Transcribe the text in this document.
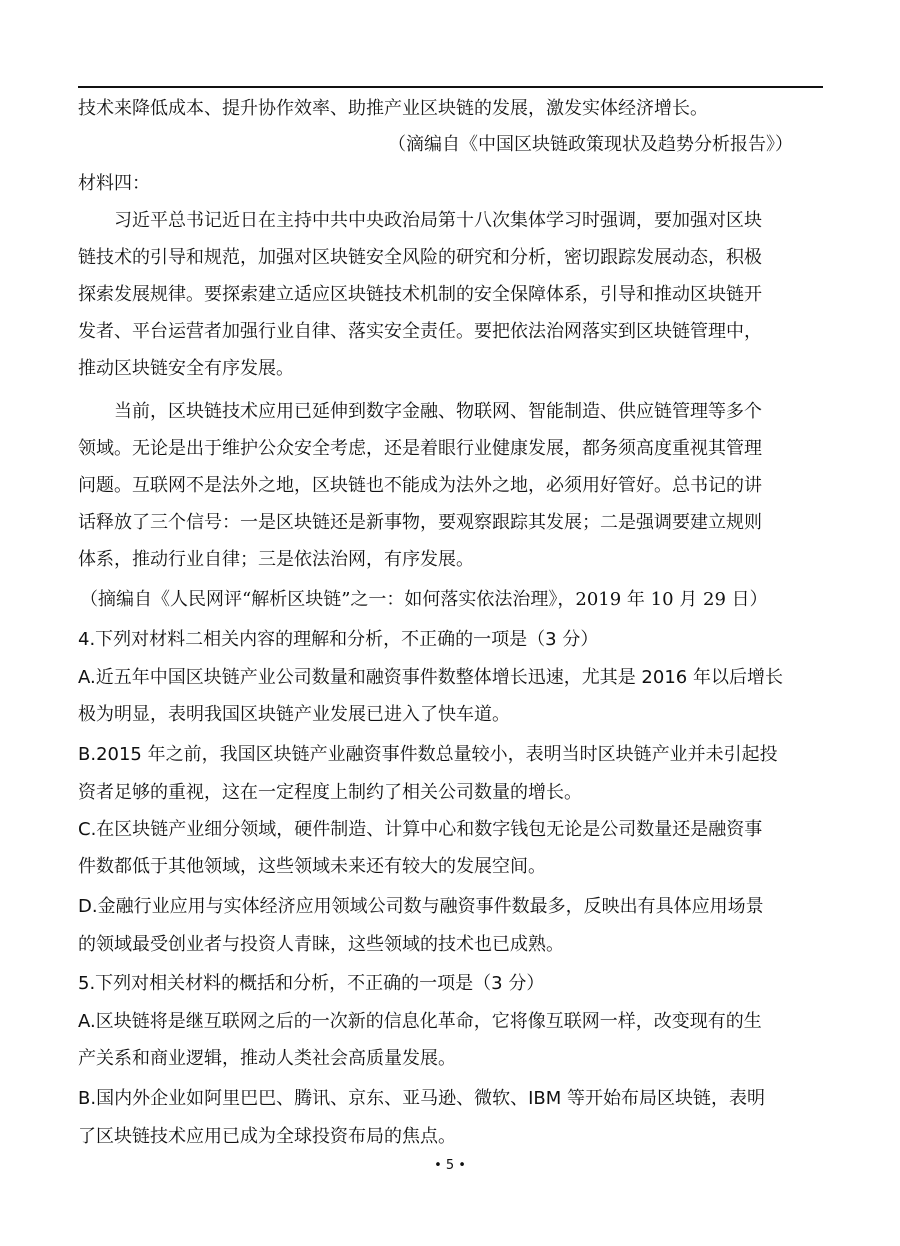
技术来降低成本、提升协作效率、助推产业区块链的发展，激发实体经济增长。
（滴编自《中国区块链政策现状及趋势分析报告》）
材料四：
习近平总书记近日在主持中共中央政治局第十八次集体学习时强调，要加强对区块
链技术的引导和规范，加强对区块链安全风险的研究和分析，密切跟踪发展动态，积极
探索发展规律。要探索建立适应区块链技术机制的安全保障体系，引导和推动区块链开
发者、平台运营者加强行业自律、落实安全责任。要把依法治网落实到区块链管理中，
推动区块链安全有序发展。
当前，区块链技术应用已延伸到数字金融、物联网、智能制造、供应链管理等多个
领域。无论是出于维护公众安全考虑，还是着眼行业健康发展，都务须高度重视其管理
问题。互联网不是法外之地，区块链也不能成为法外之地，必须用好管好。总书记的讲
话释放了三个信号：一是区块链还是新事物，要观察跟踪其发展；二是强调要建立规则
体系，推动行业自律；三是依法治网，有序发展。
（摘编自《人民网评“解析区块链”之一：如何落实依法治理》，2019 年 10 月 29 日）
4.下列对材料二相关内容的理解和分析，不正确的一项是（3 分）
A.近五年中国区块链产业公司数量和融资事件数整体增长迅速，尤其是 2016 年以后增长
极为明显，表明我国区块链产业发展已进入了快车道。
B.2015 年之前，我国区块链产业融资事件数总量较小，表明当时区块链产业并未引起投
资者足够的重视，这在一定程度上制约了相关公司数量的增长。
C.在区块链产业细分领域，硬件制造、计算中心和数字钱包无论是公司数量还是融资事
件数都低于其他领域，这些领域未来还有较大的发展空间。
D.金融行业应用与实体经济应用领域公司数与融资事件数最多，反映出有具体应用场景
的领域最受创业者与投资人青睐，这些领域的技术也已成熟。
5.下列对相关材料的概括和分析，不正确的一项是（3 分）
A.区块链将是继互联网之后的一次新的信息化革命，它将像互联网一样，改变现有的生
产关系和商业逻辑，推动人类社会高质量发展。
B.国内外企业如阿里巴巴、腾讯、京东、亚马逊、微软、IBM 等开始布局区块链，表明
了区块链技术应用已成为全球投资布局的焦点。
• 5 •
